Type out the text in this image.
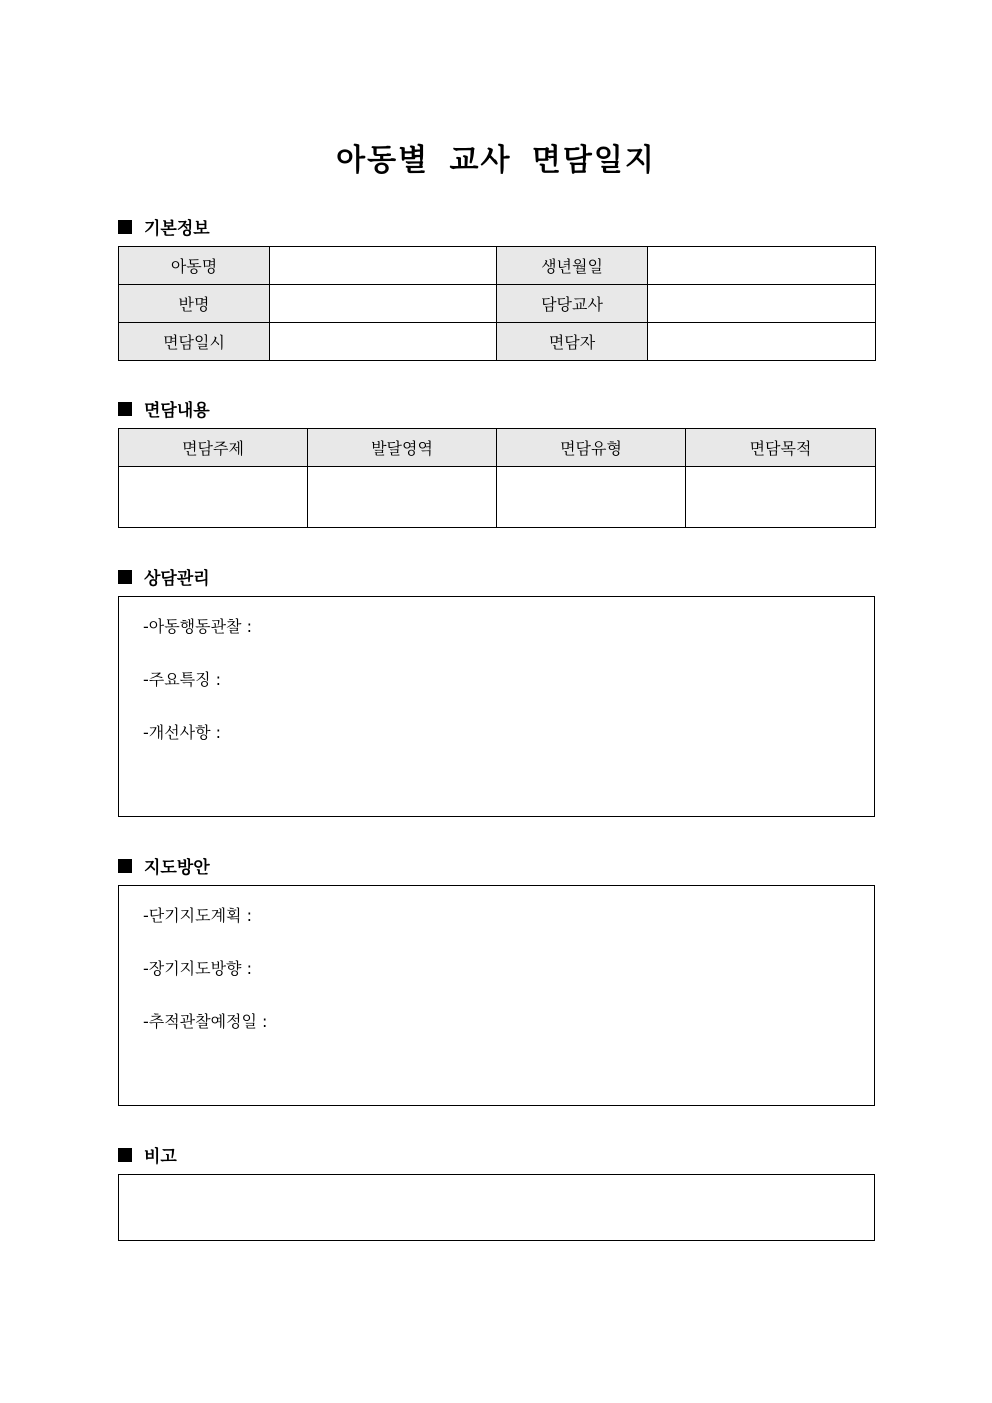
아동별 교사 면담일지
기본정보
아동명		생년월일	
반명		담당교사	
면담일시		면담자	
면담내용
면담주제	발달영역	면담유형	면담목적

상담관리
-아동행동관찰 :
-주요특징 :
-개선사항 :
지도방안
-단기지도계획 :
-장기지도방향 :
-추적관찰예정일 :
비고
